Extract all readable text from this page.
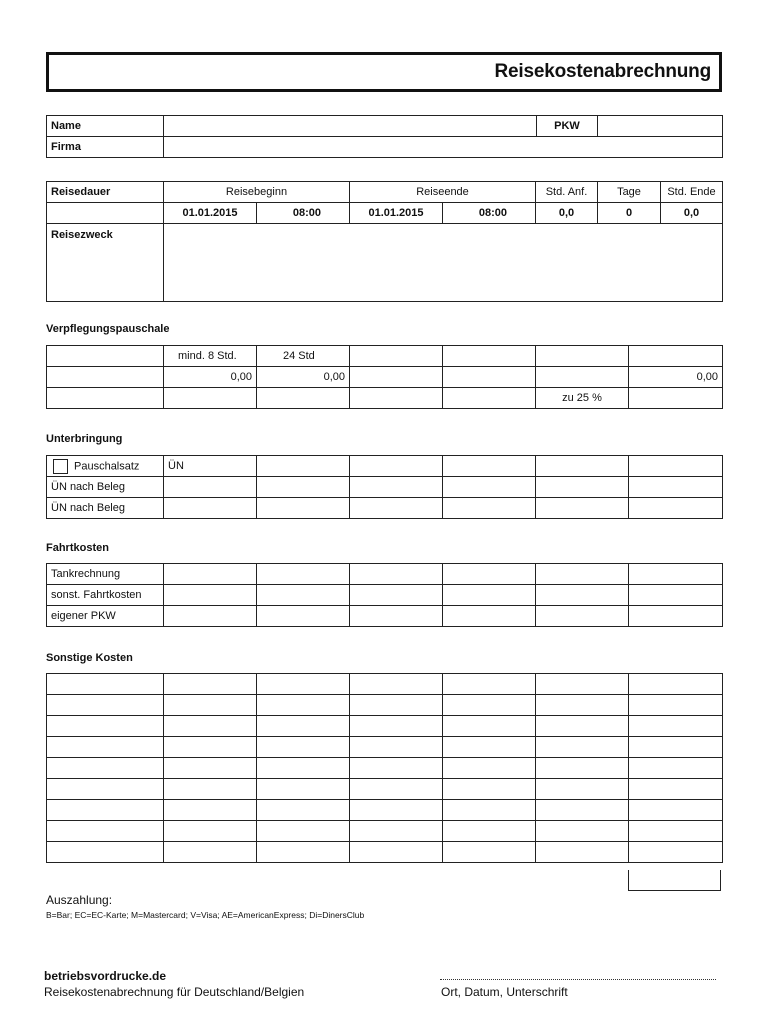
Reisekostenabrechnung
Name		PKW	
Firma			
Reisedauer	Reisebeginn		Reiseende		Std. Anf.	Tage	Std. Ende
	01.01.2015	08:00	01.01.2015	08:00	0,0	0	0,0
Reisezweck							
Verpflegungspauschale
	mind. 8 Std.	24 Std				
	0,00	0,00				0,00
					zu 25 %	
Unterbringung
Pauschalsatz	ÜN					
ÜN nach Beleg						
ÜN nach Beleg						
Fahrtkosten
Tankrechnung						
sonst. Fahrtkosten						
eigener PKW						
Sonstige Kosten

Auszahlung:
B=Bar; EC=EC-Karte; M=Mastercard; V=Visa; AE=AmericanExpress; Di=DinersClub
betriebsvordrucke.de
Reisekostenabrechnung für Deutschland/Belgien	Ort, Datum, Unterschrift
